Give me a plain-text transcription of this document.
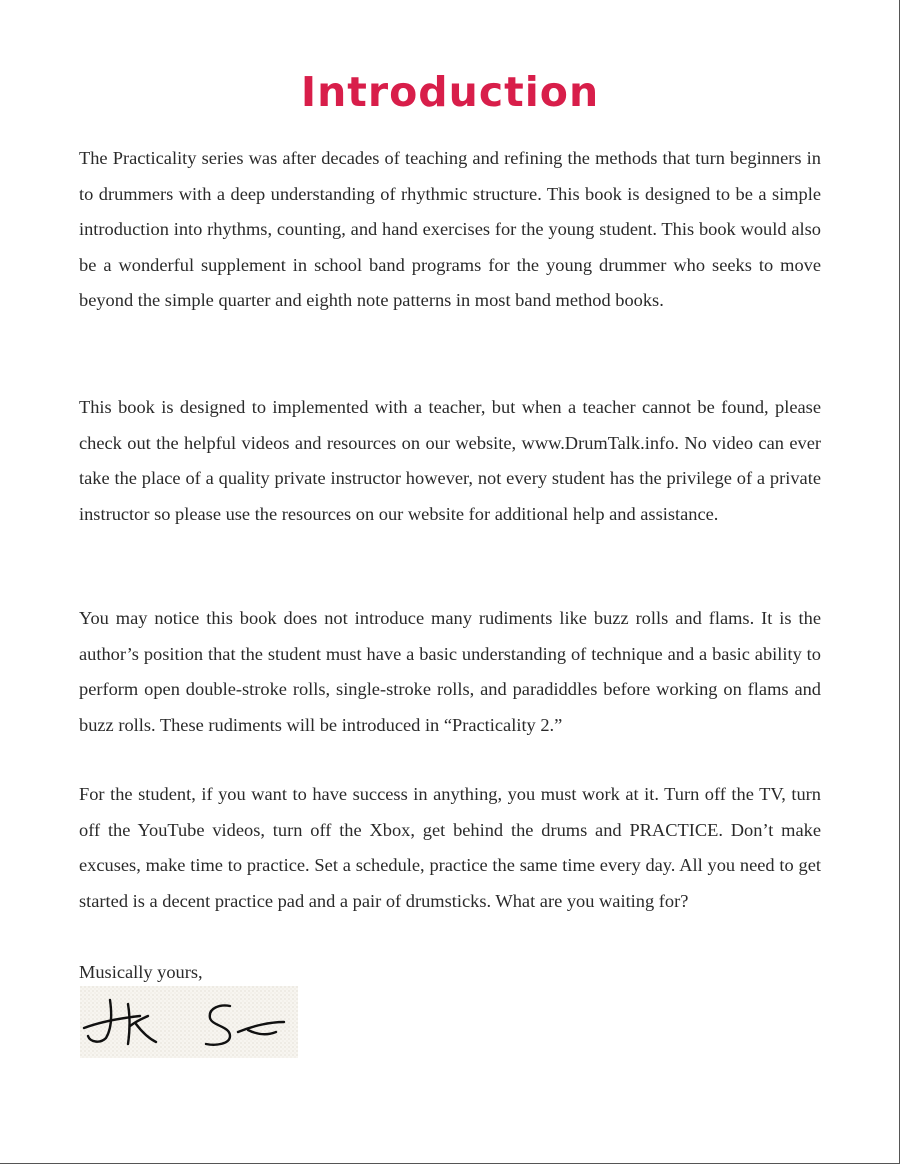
Introduction

The Practicality series was after decades of teaching and refining the methods that turn beginners in to drummers with a deep understanding of rhythmic structure. This book is designed to be a simple introduction into rhythms, counting, and hand exercises for the young student. This book would also be a wonderful supplement in school band programs for the young drummer who seeks to move beyond the simple quarter and eighth note patterns in most band method books.

This book is designed to implemented with a teacher, but when a teacher cannot be found, please check out the helpful videos and resources on our website, www.DrumTalk.info. No video can ever take the place of a quality private instructor however, not every student has the privilege of a private instructor so please use the resources on our website for additional help and assistance.

You may notice this book does not introduce many rudiments like buzz rolls and flams. It is the author’s position that the student must have a basic understanding of technique and a basic ability to perform open double-stroke rolls, single-stroke rolls, and paradiddles before working on flams and buzz rolls. These rudiments will be introduced in “Practicality 2.”

For the student, if you want to have success in anything, you must work at it. Turn off the TV, turn off the YouTube videos, turn off the Xbox, get behind the drums and PRACTICE. Don’t make excuses, make time to practice. Set a schedule, practice the same time every day. All you need to get started is a decent practice pad and a pair of drumsticks. What are you waiting for?

Musically yours,
